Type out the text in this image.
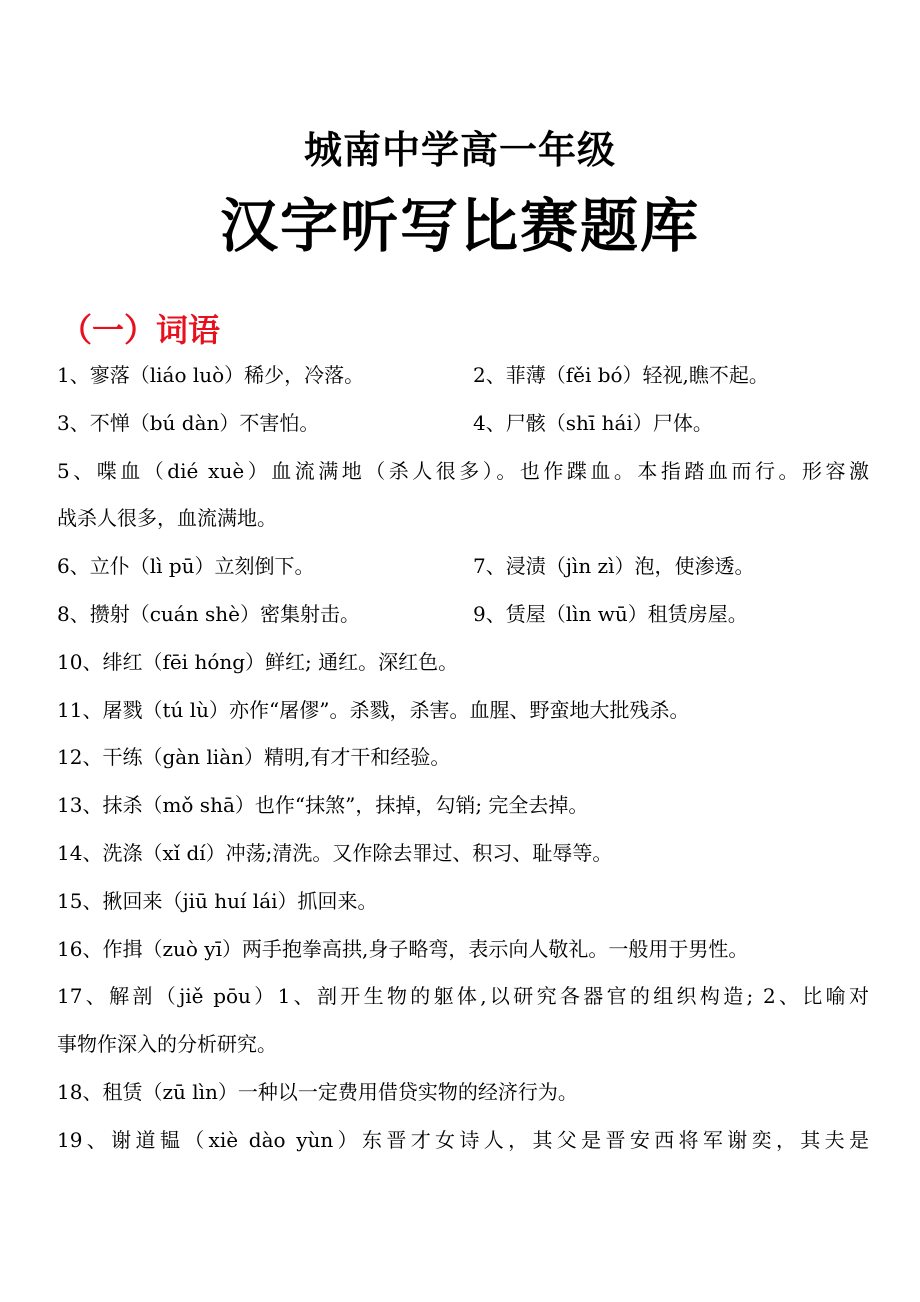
城南中学高一年级
汉字听写比赛题库
（一）词语
1、寥落（liáo luò）稀少，冷落。	2、菲薄（fěi bó）轻视,瞧不起。
3、不惮（bú dàn）不害怕。	4、尸骸（shī hái）尸体。
5、喋血（dié xuè）血流满地（杀人很多）。也作蹀血。本指踏血而行。形容激
战杀人很多，血流满地。
6、立仆（lì pū）立刻倒下。	7、浸渍（jìn zì）泡，使渗透。
8、攒射（cuán shè）密集射击。	9、赁屋（lìn wū）租赁房屋。
10、绯红（fēi hóng）鲜红; 通红。深红色。
11、屠戮（tú lù）亦作“屠僇”。杀戮，杀害。血腥、野蛮地大批残杀。
12、干练（gàn liàn）精明,有才干和经验。
13、抹杀（mǒ shā）也作“抹煞”，抹掉，勾销; 完全去掉。
14、洗涤（xǐ dí）冲荡;清洗。又作除去罪过、积习、耻辱等。
15、揪回来（jiū huí lái）抓回来。
16、作揖（zuò yī）两手抱拳高拱,身子略弯，表示向人敬礼。一般用于男性。
17、解剖（jiě pōu）1、剖开生物的躯体,以研究各器官的组织构造; 2、比喻对
事物作深入的分析研究。
18、租赁（zū lìn）一种以一定费用借贷实物的经济行为。
19、谢道韫（xiè dào yùn）东晋才女诗人，其父是晋安西将军谢奕，其夫是
